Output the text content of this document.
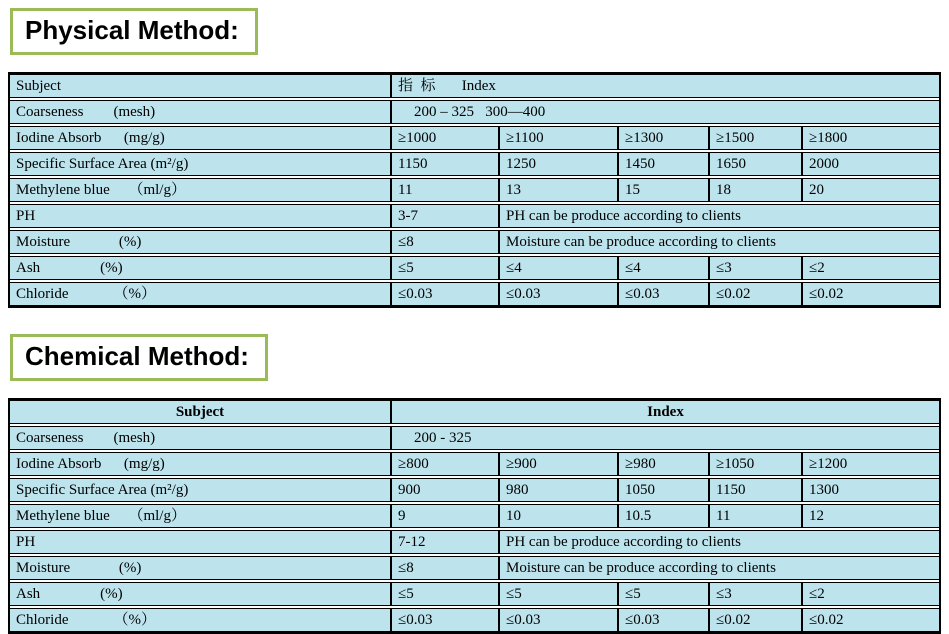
Physical Method:
Subject	指  标       Index
Coarseness        (mesh)	200 – 325   300—400
Iodine Absorb      (mg/g)	≥1000	≥1100	≥1300	≥1500	≥1800
Specific Surface Area (m²/g)	1150	1250	1450	1650	2000
Methylene blue     （ml/g）	11	13	15	18	20
PH	3-7	PH can be produce according to clients
Moisture             (%)	≤8	Moisture can be produce according to clients
Ash                (%)	≤5	≤4	≤4	≤3	≤2
Chloride            （%）	≤0.03	≤0.03	≤0.03	≤0.02	≤0.02
Chemical Method:
Subject	Index
Coarseness        (mesh)	200 - 325
Iodine Absorb      (mg/g)	≥800	≥900	≥980	≥1050	≥1200
Specific Surface Area (m²/g)	900	980	1050	1150	1300
Methylene blue     （ml/g）	9	10	10.5	11	12
PH	7-12	PH can be produce according to clients
Moisture             (%)	≤8	Moisture can be produce according to clients
Ash                (%)	≤5	≤5	≤5	≤3	≤2
Chloride            （%）	≤0.03	≤0.03	≤0.03	≤0.02	≤0.02
